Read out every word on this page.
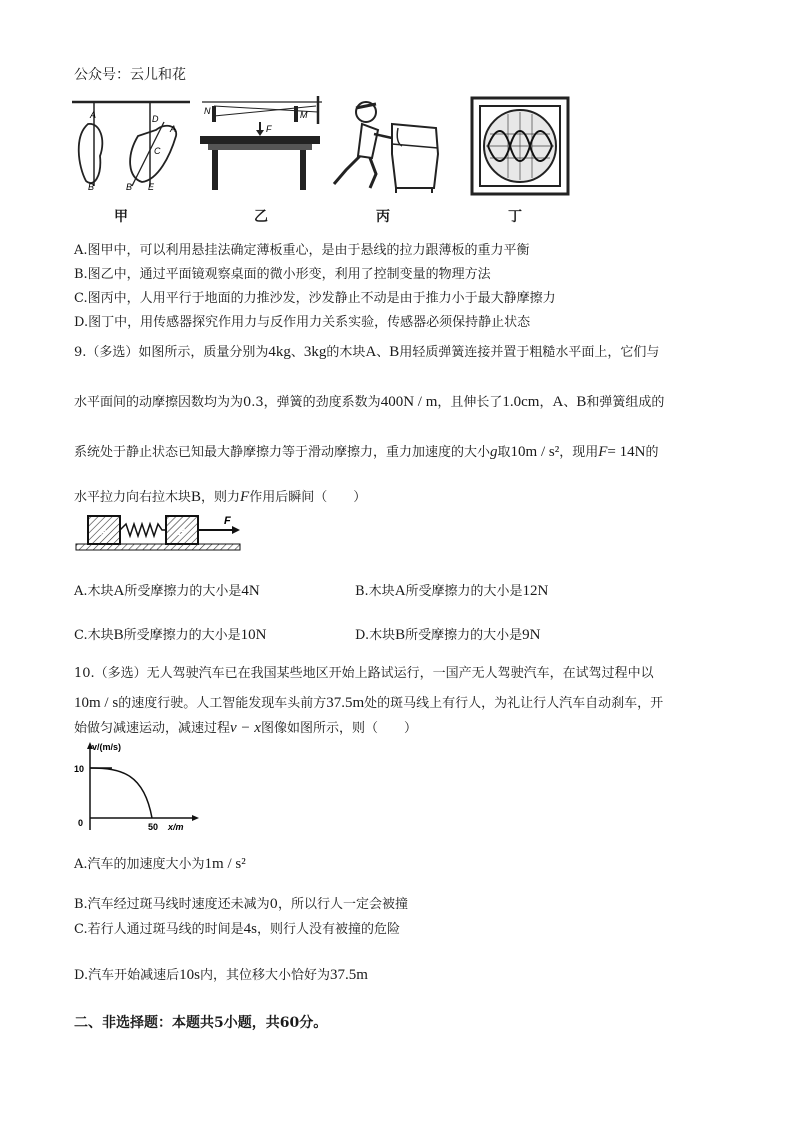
公众号：云儿和花
A
B
D
A
C
B E
N	M
F
甲	乙	丙	丁
A.图甲中，可以利用悬挂法确定薄板重心，是由于悬线的拉力跟薄板的重力平衡
B.图乙中，通过平面镜观察桌面的微小形变，利用了控制变量的物理方法
C.图丙中，人用平行于地面的力推沙发，沙发静止不动是由于推力小于最大静摩擦力
D.图丁中，用传感器探究作用力与反作用力关系实验，传感器必须保持静止状态
9.（多选）如图所示，质量分别为4kg、3kg的木块A、B用轻质弹簧连接并置于粗糙水平面上，它们与
水平面间的动摩擦因数均为为0.3，弹簧的劲度系数为400N / m，且伸长了1.0cm，A、B和弹簧组成的
系统处于静止状态已知最大静摩擦力等于滑动摩擦力，重力加速度的大小g取10m / s²，现用F= 14N的
水平拉力向右拉木块B，则力F作用后瞬间（　　）
A	B
F
A.木块A所受摩擦力的大小是4N	B.木块A所受摩擦力的大小是12N
C.木块B所受摩擦力的大小是10N	D.木块B所受摩擦力的大小是9N
10.（多选）无人驾驶汽车已在我国某些地区开始上路试运行，一国产无人驾驶汽车，在试驾过程中以
10m / s的速度行驶。人工智能发现车头前方37.5m处的斑马线上有行人，为礼让行人汽车自动刹车，开
始做匀减速运动，减速过程v − x图像如图所示，则（　　）
v/(m/s)
10
0	50 x/m
A.汽车的加速度大小为1m / s²
B.汽车经过斑马线时速度还未减为0，所以行人一定会被撞
C.若行人通过斑马线的时间是4s，则行人没有被撞的危险
D.汽车开始减速后10s内，其位移大小恰好为37.5m
二、非选择题：本题共5小题，共60分。
